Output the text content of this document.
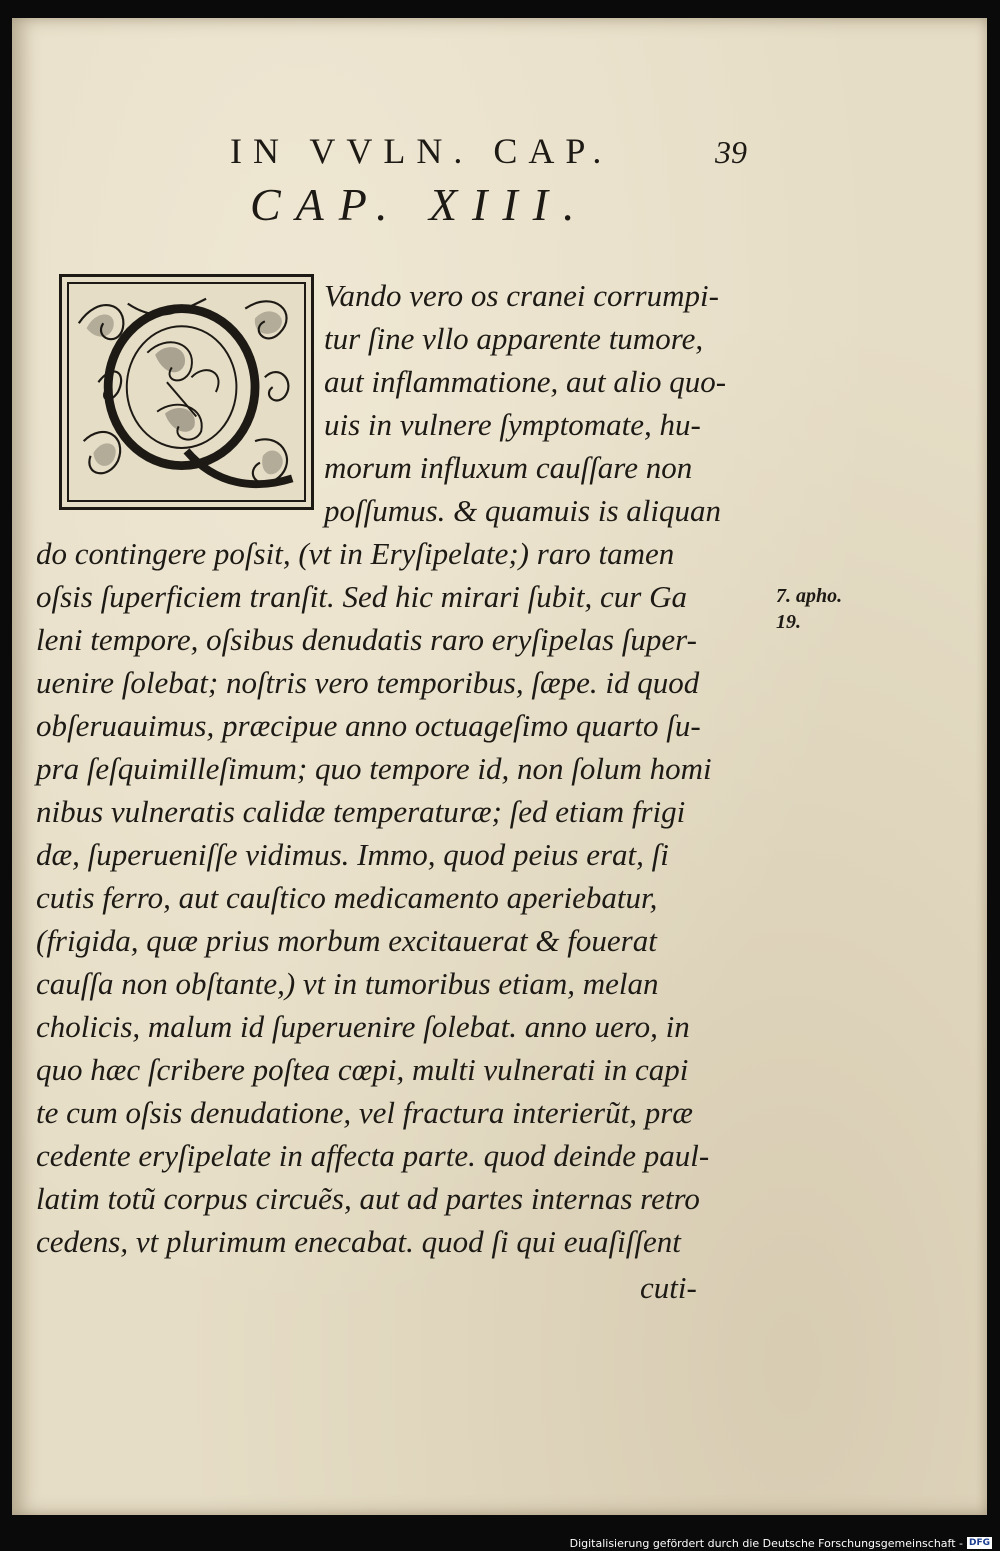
IN VVLN. CAP.	39
CAP. XIII.
Vando vero os cranei corrumpi-
tur ſine vllo apparente tumore,
aut inflammatione, aut alio quo-
uis in vulnere ſymptomate, hu-
morum influxum cauſſare non
poſſumus. & quamuis is aliquan
do contingere poſsit, (vt in Eryſipelate;) raro tamen
oſsis ſuperficiem tranſit. Sed hic mirari ſubit, cur Ga
leni tempore, oſsibus denudatis raro eryſipelas ſuper-
uenire ſolebat; noſtris vero temporibus, ſæpe. id quod
obſeruauimus, præcipue anno octuageſimo quarto ſu-
pra ſeſquimilleſimum; quo tempore id, non ſolum homi
nibus vulneratis calidæ temperaturæ; ſed etiam frigi
dæ, ſuperueniſſe vidimus. Immo, quod peius erat, ſi
cutis ferro, aut cauſtico medicamento aperiebatur,
(frigida, quæ prius morbum excitauerat & fouerat
cauſſa non obſtante,) vt in tumoribus etiam, melan
cholicis, malum id ſuperuenire ſolebat. anno uero, in
quo hæc ſcribere poſtea cœpi, multi vulnerati in capi
te cum oſsis denudatione, vel fractura interierũt, præ
cedente eryſipelate in affecta parte. quod deinde paul-
latim totũ corpus circuẽs, aut ad partes internas retro
cedens, vt plurimum enecabat. quod ſi qui euaſiſſent
cuti-
7. apho.
19.
Digitalisierung gefördert durch die Deutsche Forschungsgemeinschaft - DFG
